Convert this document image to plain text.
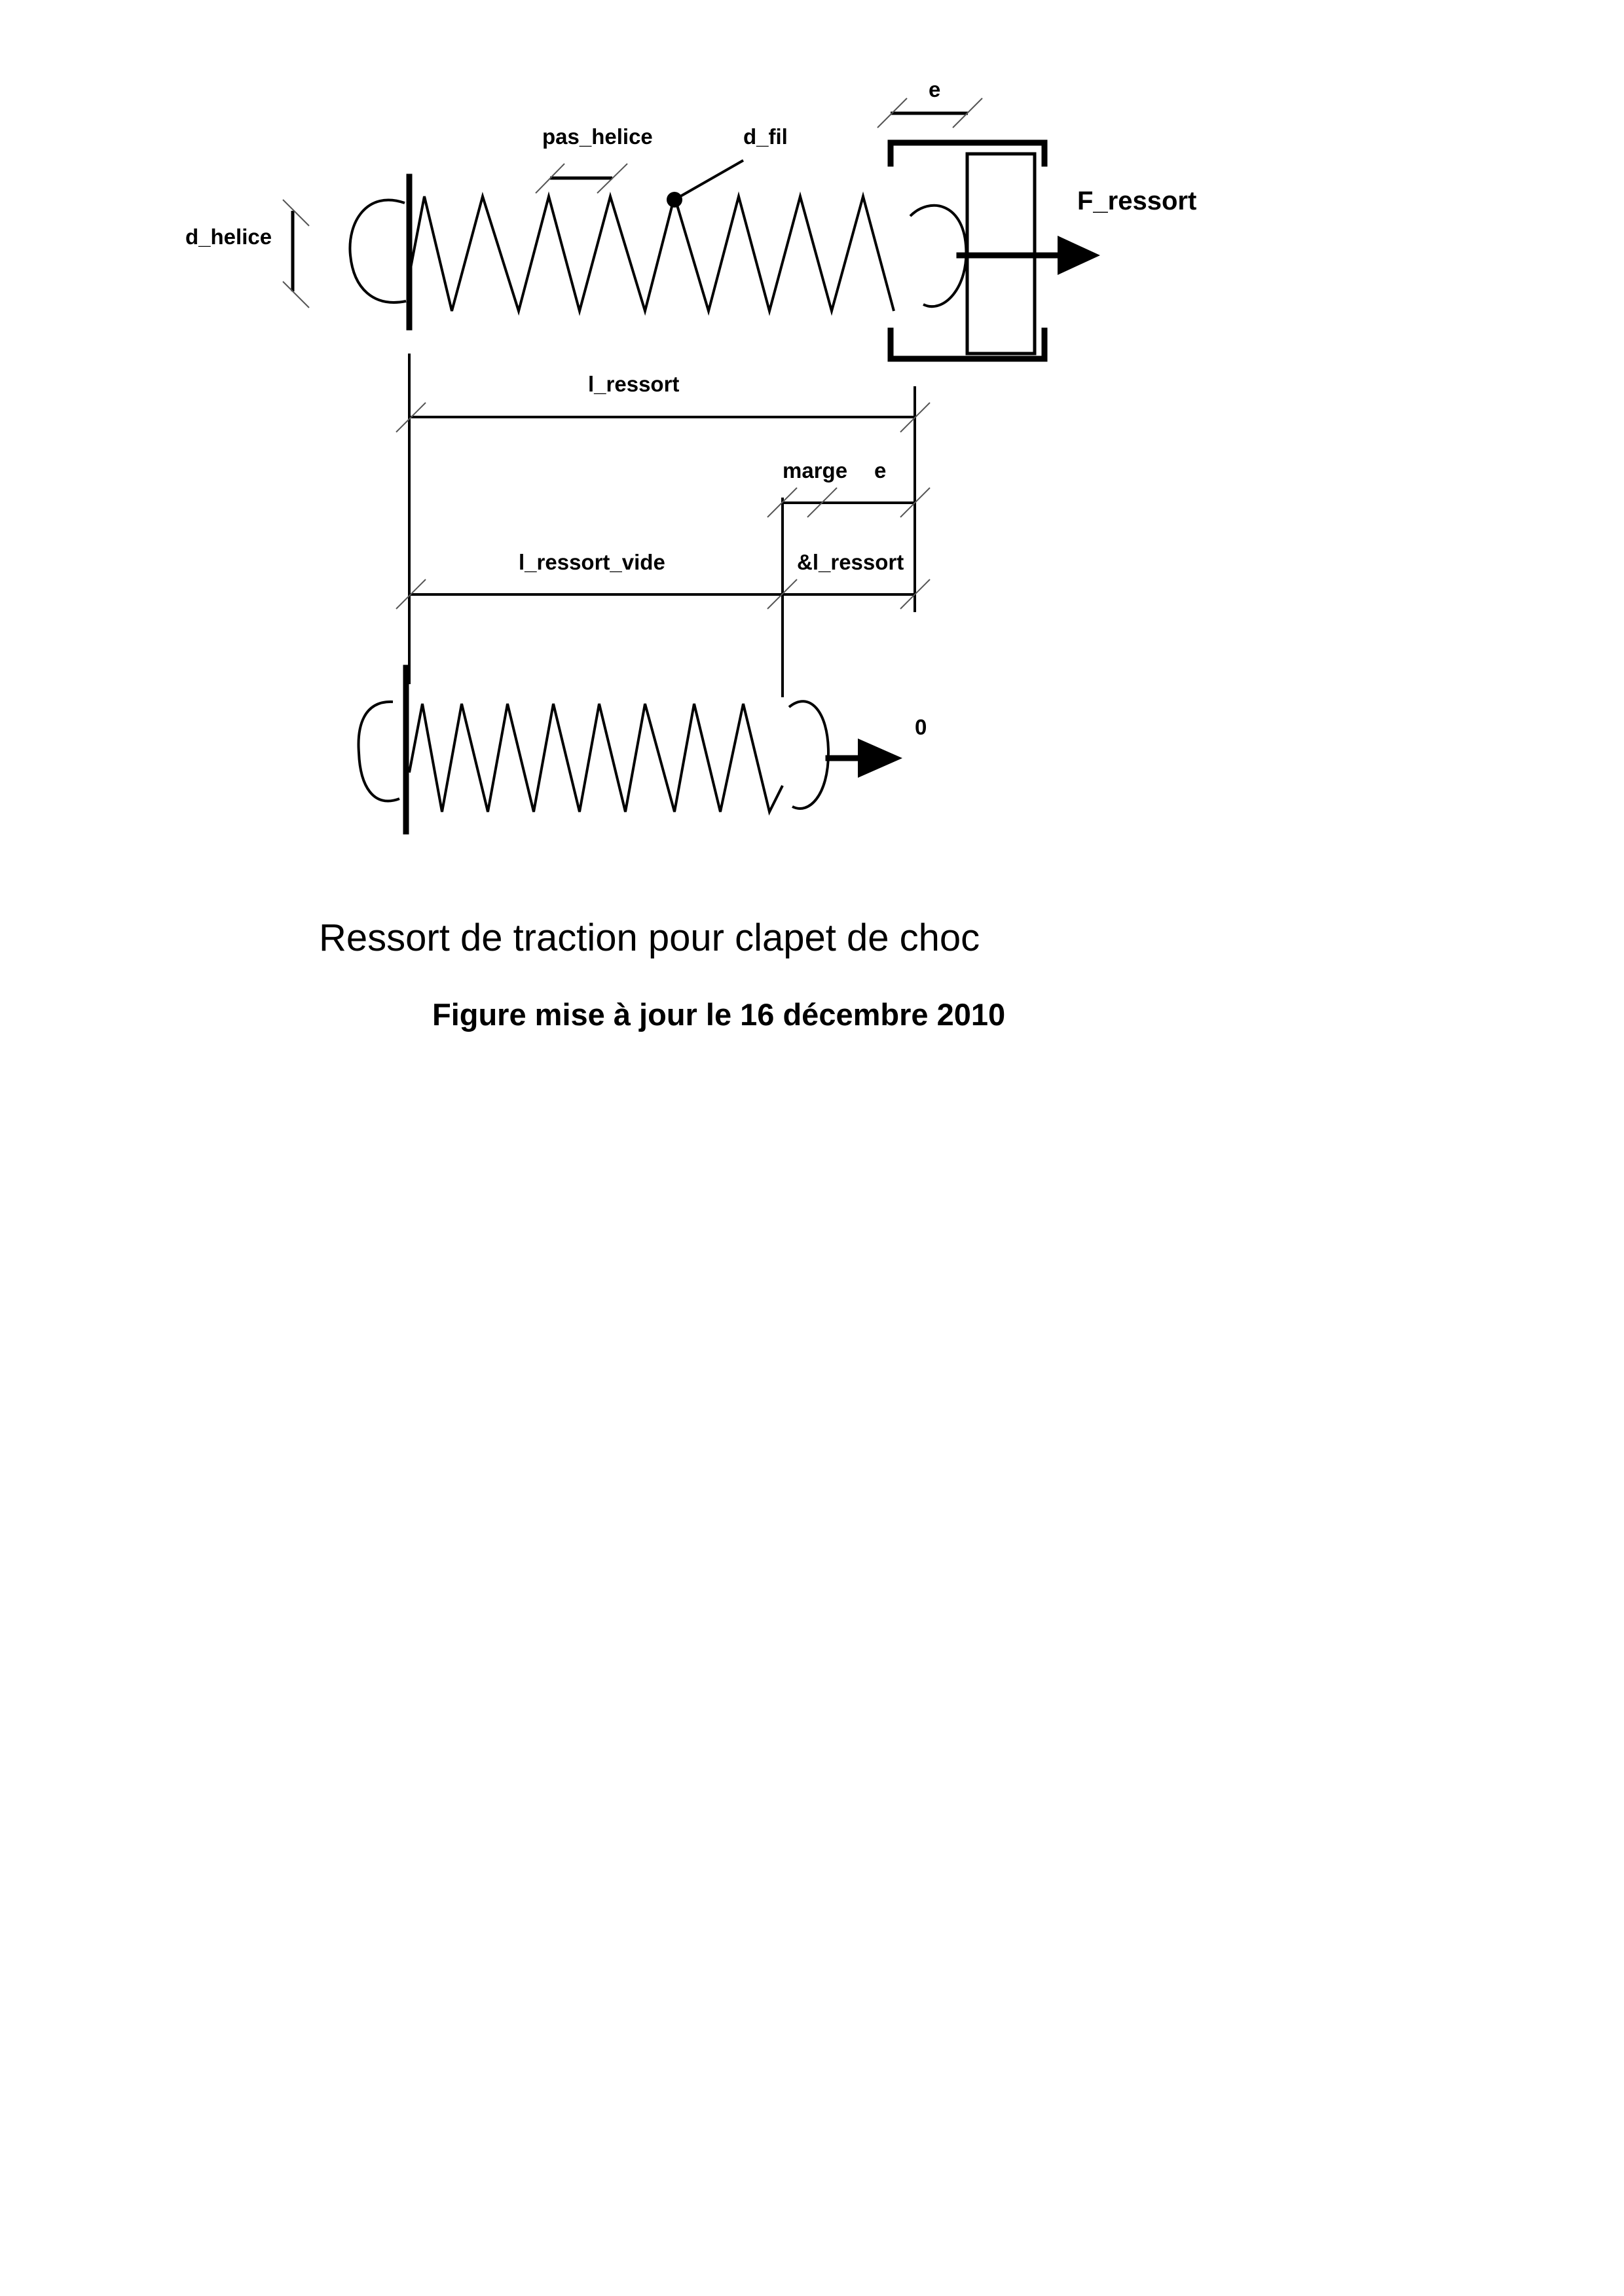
e
pas_helice	d_fil
d_helice
F_ressort
l_ressort
marge e
l_ressort_vide	&l_ressort
0
Ressort de traction pour clapet de choc
Figure mise à jour le 16 décembre 2010
